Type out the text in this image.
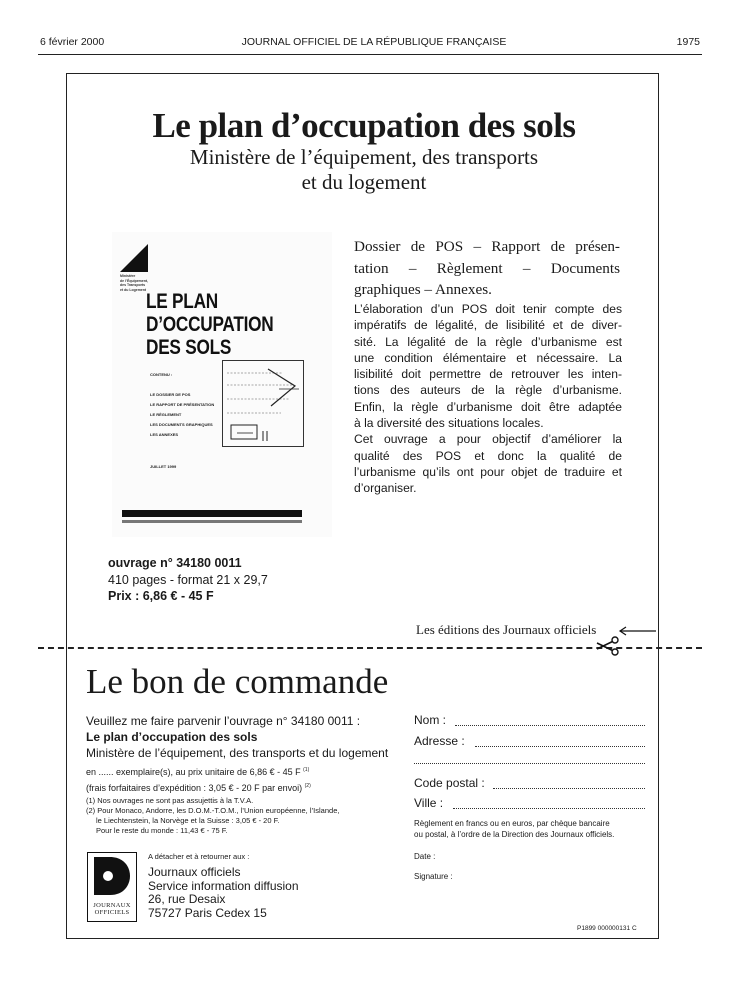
6 février 2000	JOURNAL OFFICIEL DE LA RÉPUBLIQUE FRANÇAISE	1975
Le plan d’occupation des sols
Ministère de l’équipement, des transports
et du logement
Ministère
de l’Équipement,
des Transports
et du Logement
LE PLAN
D’OCCUPATION
DES SOLS
CONTENU :
LE DOSSIER DE POS
LE RAPPORT DE PRÉSENTATION
LE RÈGLEMENT
LES DOCUMENTS GRAPHIQUES
LES ANNEXES
JUILLET 1999
Dossier de POS – Rapport de présen-
tation – Règlement – Documents
graphiques – Annexes.
L’élaboration d’un POS doit tenir compte des
impératifs de légalité, de lisibilité et de diver-
sité. La légalité de la règle d’urbanisme est
une condition élémentaire et nécessaire. La
lisibilité doit permettre de retrouver les inten-
tions des auteurs de la règle d’urbanisme.
Enfin, la règle d’urbanisme doit être adaptée
à la diversité des situations locales.
Cet ouvrage a pour objectif d’améliorer la
qualité des POS et donc la qualité de
l’urbanisme qu’ils ont pour objet de traduire et
d’organiser.
ouvrage n° 34180 0011
410 pages - format 21 x 29,7
Prix : 6,86 € - 45 F
Les éditions des Journaux officiels
Le bon de commande
Veuillez me faire parvenir l’ouvrage n° 34180 0011 :
Le plan d’occupation des sols
Ministère de l’équipement, des transports et du logement
en ...... exemplaire(s), au prix unitaire de 6,86 € - 45 F $^{(1)}$
(frais forfaitaires d’expédition : 3,05 € - 20 F par envoi) $^{(2)}$
(1) Nos ouvrages ne sont pas assujettis à la T.V.A.
(2) Pour Monaco, Andorre, les D.O.M.-T.O.M., l’Union européenne, l’Islande,
le Liechtenstein, la Norvège et la Suisse : 3,05 € - 20 F.
Pour le reste du monde : 11,43 € - 75 F.
A détacher et à retourner aux :
JOURNAUX
OFFICIELS
Journaux officiels
Service information diffusion
26, rue Desaix
75727 Paris Cedex 15
Nom :
Adresse :
Code postal :
Ville :
Règlement en francs ou en euros, par chèque bancaire
ou postal, à l’ordre de la Direction des Journaux officiels.
Date :
Signature :
P1899 000000131 C
